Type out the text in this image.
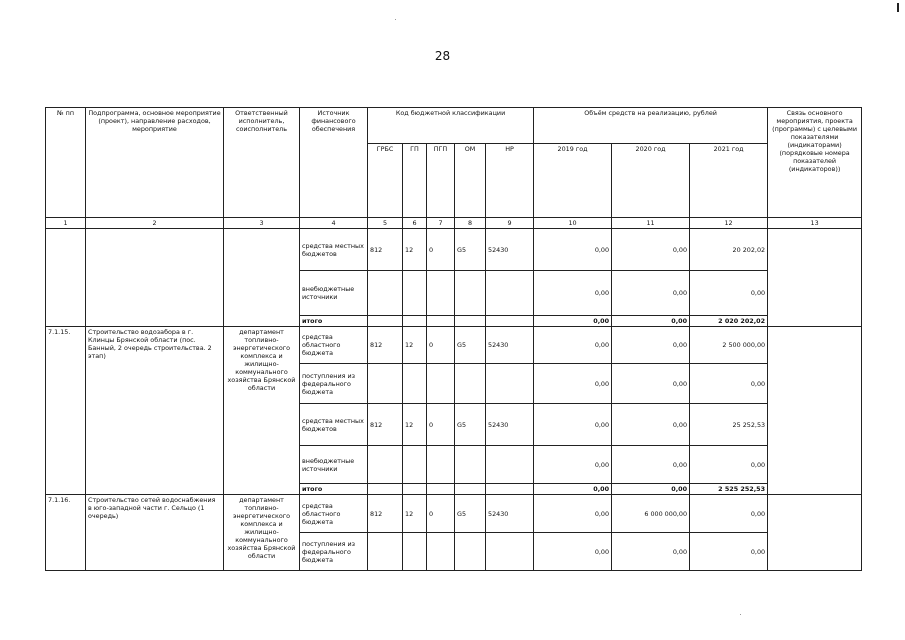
28
№ пп	Подпрограмма, основное мероприятие (проект), направление расходов, мероприятие	Ответственный исполнитель, соисполнитель	Источник финансового обеспечения	Код бюджетной классификации					Объём средств на реализацию, рублей			Связь основного мероприятия, проекта (программы) с целевыми показателями (индикаторами) (порядковые номера показателей (индикаторов))
				ГРБС	ГП	ПГП	ОМ	НР	2019 год	2020 год	2021 год	
1	2	3	4	5	6	7	8	9	10	11	12	13
			средства местных бюджетов	812	12	0	G5	52430	0,00	0,00	20 202,02	
			внебюджетные источники						0,00	0,00	0,00	
			итого						0,00	0,00	2 020 202,02	
7.1.15.	Строительство водозабора в г. Клинцы Брянской области (пос. Банный, 2 очередь строительства. 2 этап)	департамент топливно-энергетического комплекса и жилищно-коммунального хозяйства Брянской области	средства областного бюджета	812	12	0	G5	52430	0,00	0,00	2 500 000,00	
			поступления из федерального бюджета						0,00	0,00	0,00	
			средства местных бюджетов	812	12	0	G5	52430	0,00	0,00	25 252,53	
			внебюджетные источники						0,00	0,00	0,00	
			итого						0,00	0,00	2 525 252,53	
7.1.16.	Строительство сетей водоснабжения в юго-западной части г. Сельцо (1 очередь)	департамент топливно-энергетического комплекса и жилищно-коммунального хозяйства Брянской области	средства областного бюджета	812	12	0	G5	52430	0,00	6 000 000,00	0,00	
			поступления из федерального бюджета						0,00	0,00	0,00	
